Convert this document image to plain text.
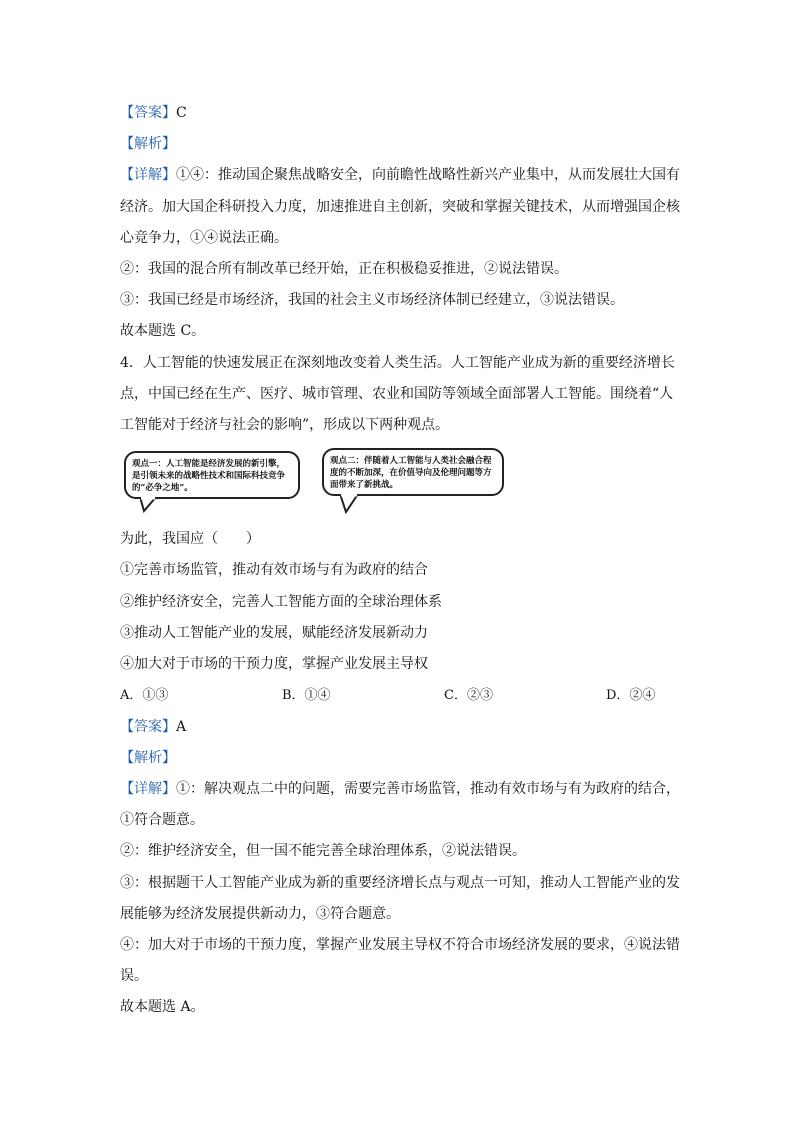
【答案】C
【解析】
【详解】①④：推动国企聚焦战略安全，向前瞻性战略性新兴产业集中，从而发展壮大国有
经济。加大国企科研投入力度，加速推进自主创新，突破和掌握关键技术，从而增强国企核
心竞争力，①④说法正确。
②：我国的混合所有制改革已经开始，正在积极稳妥推进，②说法错误。
③：我国已经是市场经济，我国的社会主义市场经济体制已经建立，③说法错误。
故本题选 C。
4．人工智能的快速发展正在深刻地改变着人类生活。人工智能产业成为新的重要经济增长
点，中国已经在生产、医疗、城市管理、农业和国防等领域全面部署人工智能。围绕着“人
工智能对于经济与社会的影响”，形成以下两种观点。
观点一：人工智能是经济发展的新引擎，是引领未来的战略性技术和国际科技竞争的“必争之地”。
观点二：伴随着人工智能与人类社会融合程度的不断加深，在价值导向及伦理问题等方面带来了新挑战。
为此，我国应（　　）
①完善市场监管，推动有效市场与有为政府的结合
②维护经济安全，完善人工智能方面的全球治理体系
③推动人工智能产业的发展，赋能经济发展新动力
④加大对于市场的干预力度，掌握产业发展主导权
A．①③	B．①④	C．②③	D．②④
【答案】A
【解析】
【详解】①：解决观点二中的问题，需要完善市场监管，推动有效市场与有为政府的结合，
①符合题意。
②：维护经济安全，但一国不能完善全球治理体系，②说法错误。
③：根据题干人工智能产业成为新的重要经济增长点与观点一可知，推动人工智能产业的发
展能够为经济发展提供新动力，③符合题意。
④：加大对于市场的干预力度，掌握产业发展主导权不符合市场经济发展的要求，④说法错
误。
故本题选 A。
